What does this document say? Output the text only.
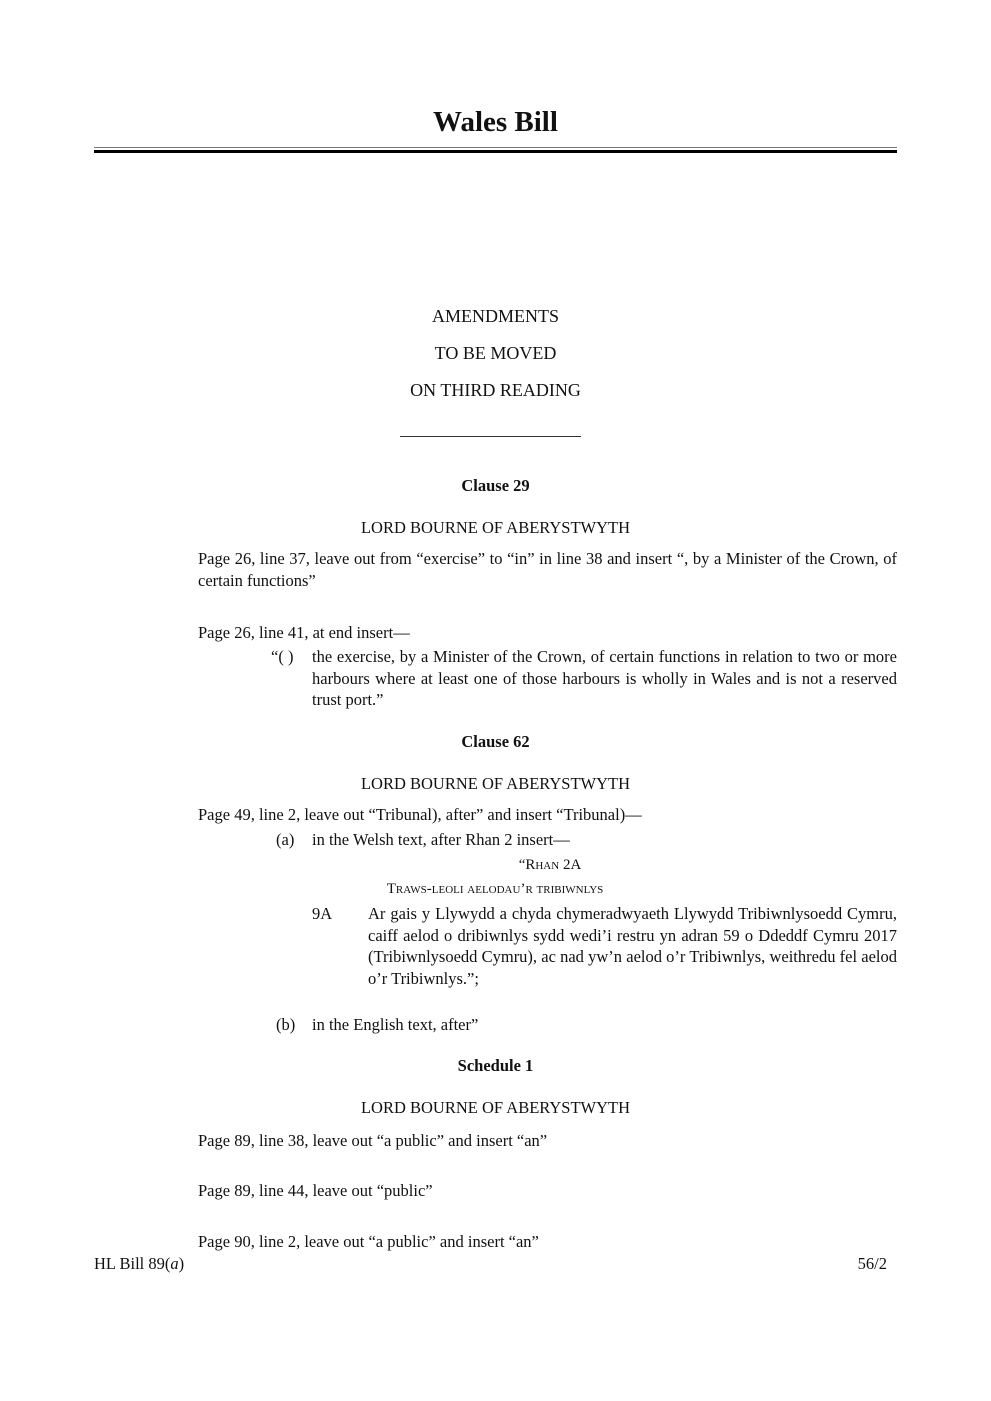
Wales Bill
AMENDMENTS
TO BE MOVED
ON THIRD READING
Clause 29
LORD BOURNE OF ABERYSTWYTH
Page 26, line 37, leave out from “exercise” to “in” in line 38 and insert “, by a Minister of the Crown, of certain functions”
Page 26, line 41, at end insert—
“( )	the exercise, by a Minister of the Crown, of certain functions in relation to two or more harbours where at least one of those harbours is wholly in Wales and is not a reserved trust port.”
Clause 62
LORD BOURNE OF ABERYSTWYTH
Page 49, line 2, leave out “Tribunal), after” and insert “Tribunal)—
(a)	in the Welsh text, after Rhan 2 insert—
“Rhan 2A
Traws-leoli aelodau’r tribiwnlys
9A	Ar gais y Llywydd a chyda chymeradwyaeth Llywydd Tribiwnlysoedd Cymru, caiff aelod o dribiwnlys sydd wedi’i restru yn adran 59 o Ddeddf Cymru 2017 (Tribiwnlysoedd Cymru), ac nad yw’n aelod o’r Tribiwnlys, weithredu fel aelod o’r Tribiwnlys.”;
(b)	in the English text, after”
Schedule 1
LORD BOURNE OF ABERYSTWYTH
Page 89, line 38, leave out “a public” and insert “an”
Page 89, line 44, leave out “public”
Page 90, line 2, leave out “a public” and insert “an”
HL Bill 89(a)	56/2
